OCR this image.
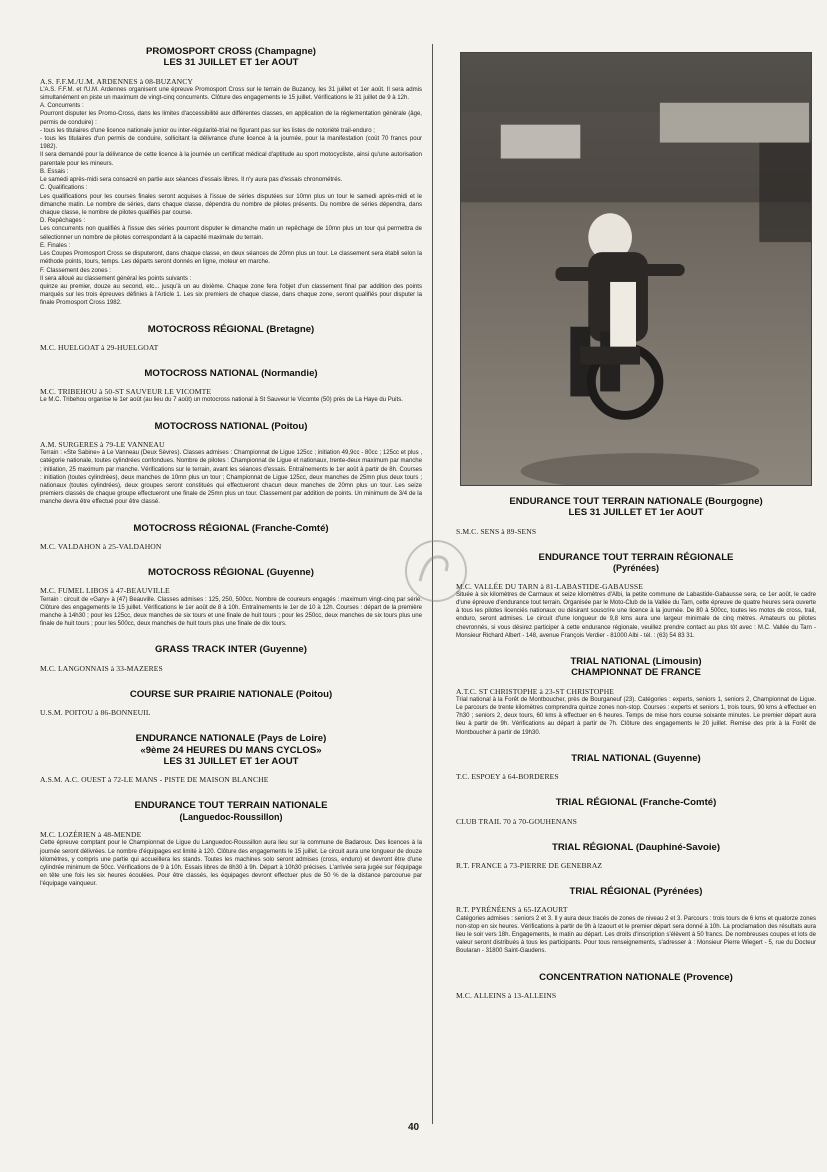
PROMOSPORT CROSS (Champagne)
LES 31 JUILLET ET 1er AOUT
A.S. F.F.M./U.M. ARDENNES à 08-BUZANCY

L'A.S. F.F.M. et l'U.M. Ardennes organisent une épreuve Promosport Cross sur le terrain de Buzancy, les 31 juillet et 1er août. Il sera admis simultanément en piste un maximum de vingt-cinq concurrents. Clôture des engagements le 15 juillet. Vérifications le 31 juillet de 9 à 12h.

A. Concurrents :

Pourront disputer les Promo-Cross, dans les limites d'accessibilité aux différentes classes, en application de la réglementation générale (âge, permis de conduire) :

- tous les titulaires d'une licence nationale junior ou inter-régularité-trial ne figurant pas sur les listes de notoriété trail-enduro ;

- tous les titulaires d'un permis de conduire, sollicitant la délivrance d'une licence à la journée, pour la manifestation (coût 70 francs pour 1982).

Il sera demandé pour la délivrance de cette licence à la journée un certificat médical d'aptitude au sport motocycliste, ainsi qu'une autorisation parentale pour les mineurs.

B. Essais :

Le samedi après-midi sera consacré en partie aux séances d'essais libres. Il n'y aura pas d'essais chronométrés.

C. Qualifications :

Les qualifications pour les courses finales seront acquises à l'issue de séries disputées sur 10mn plus un tour le samedi après-midi et le dimanche matin. Le nombre de séries, dans chaque classe, dépendra du nombre de pilotes présents. Du nombre de séries dépendra, dans chaque classe, le nombre de pilotes qualifiés par course.

D. Repêchages :

Les concurrents non qualifiés à l'issue des séries pourront disputer le dimanche matin un repêchage de 10mn plus un tour qui permettra de sélectionner un nombre de pilotes correspondant à la capacité maximale du terrain.

E. Finales :

Les Coupes Promosport Cross se disputeront, dans chaque classe, en deux séances de 20mn plus un tour. Le classement sera établi selon la méthode points, tours, temps. Les départs seront donnés en ligne, moteur en marche.

F. Classement des zones :

Il sera alloué au classement général les points suivants :

quinze au premier, douze au second, etc... jusqu'à un au dixième. Chaque zone fera l'objet d'un classement final par addition des points marqués sur les trois épreuves définies à l'Article 1. Les six premiers de chaque classe, dans chaque zone, seront qualifiés pour disputer la finale Promosport Cross 1982.

MOTOCROSS RÉGIONAL (Bretagne)
M.C. HUELGOAT à 29-HUELGOAT
MOTOCROSS NATIONAL (Normandie)
M.C. TRIBEHOU à 50-ST SAUVEUR LE VICOMTE
Le M.C. Tribehou organise le 1er août (au lieu du 7 août) un motocross national à St Sauveur le Vicomte (50) près de La Haye du Puits.
MOTOCROSS NATIONAL (Poitou)
A.M. SURGERES à 79-LE VANNEAU
Terrain : «Ste Sabine» à Le Vanneau (Deux Sèvres). Classes admises : Championnat de Ligue 125cc ; initiation 49,9cc - 80cc ; 125cc et plus , catégorie nationale, toutes cylindrées confondues. Nombre de pilotes : Championnat de Ligue et nationaux, trente-deux maximum par manche ; initiation, 25 maximum par manche. Vérifications sur le terrain, avant les séances d'essais. Entraînements le 1er août à partir de 8h. Courses : initiation (toutes cylindrées), deux manches de 10mn plus un tour ; Championnat de Ligue 125cc, deux manches de 25mn plus deux tours ; nationaux (toutes cylindrées), deux groupes seront constitués qui effectueront chacun deux manches de 20mn plus un tour. Les seize premiers classés de chaque groupe effectueront une finale de 25mn plus un tour. Classement par addition de points. Un minimum de 3/4 de la manche devra être effectué pour être classé.
MOTOCROSS RÉGIONAL (Franche-Comté)
M.C. VALDAHON à 25-VALDAHON
MOTOCROSS RÉGIONAL (Guyenne)
M.C. FUMEL LIBOS à 47-BEAUVILLE
Terrain : circuit de «Gary» à (47) Beauville. Classes admises : 125, 250, 500cc. Nombre de coureurs engagés : maximum vingt-cinq par série. Clôture des engagements le 15 juillet. Vérifications le 1er août de 8 à 10h. Entraînements le 1er de 10 à 12h. Courses : départ de la première manche à 14h30 ; pour les 125cc, deux manches de six tours et une finale de huit tours ; pour les 250cc, deux manches de six tours plus une finale de huit tours ; pour les 500cc, deux manches de huit tours plus une finale de dix tours.
GRASS TRACK INTER (Guyenne)
M.C. LANGONNAIS à 33-MAZERES
COURSE SUR PRAIRIE NATIONALE (Poitou)
U.S.M. POITOU à 86-BONNEUIL
ENDURANCE NATIONALE (Pays de Loire)
«9ème 24 HEURES DU MANS CYCLOS»
LES 31 JUILLET ET 1er AOUT
A.S.M. A.C. OUEST à 72-LE MANS - PISTE DE MAISON BLANCHE
ENDURANCE TOUT TERRAIN NATIONALE
(Languedoc-Roussillon)
M.C. LOZÉRIEN à 48-MENDE
Cette épreuve comptant pour le Championnat de Ligue du Languedoc-Roussillon aura lieu sur la commune de Badaroux. Des licences à la journée seront délivrées. Le nombre d'équipages est limité à 120. Clôture des engagements le 15 juillet. Le circuit aura une longueur de douze kilomètres, y compris une partie qui accueillera les stands. Toutes les machines solo seront admises (cross, enduro) et devront être d'une cylindrée minimum de 50cc. Vérifications de 9 à 10h. Essais libres de 8h30 à 9h. Départ à 10h30 précises. L'arrivée sera jugée sur l'équipage en tête une fois les six heures écoulées. Pour être classés, les équipages devront effectuer plus de 50 % de la distance parcourue par l'équipage vainqueur.
ENDURANCE TOUT TERRAIN NATIONALE (Bourgogne)
LES 31 JUILLET ET 1er AOUT
S.M.C. SENS à 89-SENS
ENDURANCE TOUT TERRAIN RÉGIONALE
(Pyrénées)
M.C. VALLÉE DU TARN à 81-LABASTIDE-GABAUSSE
Située à six kilomètres de Carmaux et seize kilomètres d'Albi, la petite commune de Labastide-Gabausse sera, ce 1er août, le cadre d'une épreuve d'endurance tout terrain. Organisée par le Moto-Club de la Vallée du Tarn, cette épreuve de quatre heures sera ouverte à tous les pilotes licenciés nationaux ou désirant souscrire une licence à la journée. De 80 à 500cc, toutes les motos de cross, trail, enduro, seront admises. Le circuit d'une longueur de 9,8 kms aura une largeur minimale de cinq mètres. Amateurs ou pilotes chevronnés, si vous désirez participer à cette endurance régionale, veuillez prendre contact au plus tôt avec : M.C. Vallée du Tarn - Monsieur Richard Albert - 148, avenue François Verdier - 81000 Albi - tél. : (63) 54 83 31.
TRIAL NATIONAL (Limousin)
CHAMPIONNAT DE FRANCE
A.T.C. ST CHRISTOPHE à 23-ST CHRISTOPHE
Trial national à la Forêt de Montboucher, près de Bourganeuf (23). Catégories : experts, seniors 1, seniors 2, Championnat de Ligue. Le parcours de trente kilomètres comprendra quinze zones non-stop. Courses : experts et seniors 1, trois tours, 90 kms à effectuer en 7h30 ; seniors 2, deux tours, 60 kms à effectuer en 6 heures. Temps de mise hors course soixante minutes. Le premier départ aura lieu à partir de 9h. Vérifications au départ à partir de 7h. Clôture des engagements le 20 juillet. Remise des prix à la Forêt de Montboucher à partir de 19h30.
TRIAL NATIONAL (Guyenne)
T.C. ESPOEY à 64-BORDERES
TRIAL RÉGIONAL (Franche-Comté)
CLUB TRAIL 70 à 70-GOUHENANS
TRIAL RÉGIONAL (Dauphiné-Savoie)
R.T. FRANCE à 73-PIERRE DE GENEBRAZ
TRIAL RÉGIONAL (Pyrénées)
R.T. PYRÉNÉENS à 65-IZAOURT
Catégories admises : seniors 2 et 3. Il y aura deux tracés de zones de niveau 2 et 3. Parcours : trois tours de 6 kms et quatorze zones non-stop en six heures. Vérifications à partir de 9h à Izaourt et le premier départ sera donné à 10h. La proclamation des résultats aura lieu le soir vers 18h. Engagements, le matin au départ. Les droits d'inscription s'élèvent à 50 francs. De nombreuses coupes et lots de valeur seront distribués à tous les participants. Pour tous renseignements, s'adresser à : Monsieur Pierre Wiegert - 5, rue du Docteur Boularan - 31800 Saint-Gaudens.
CONCENTRATION NATIONALE (Provence)
M.C. ALLEINS à 13-ALLEINS
40
